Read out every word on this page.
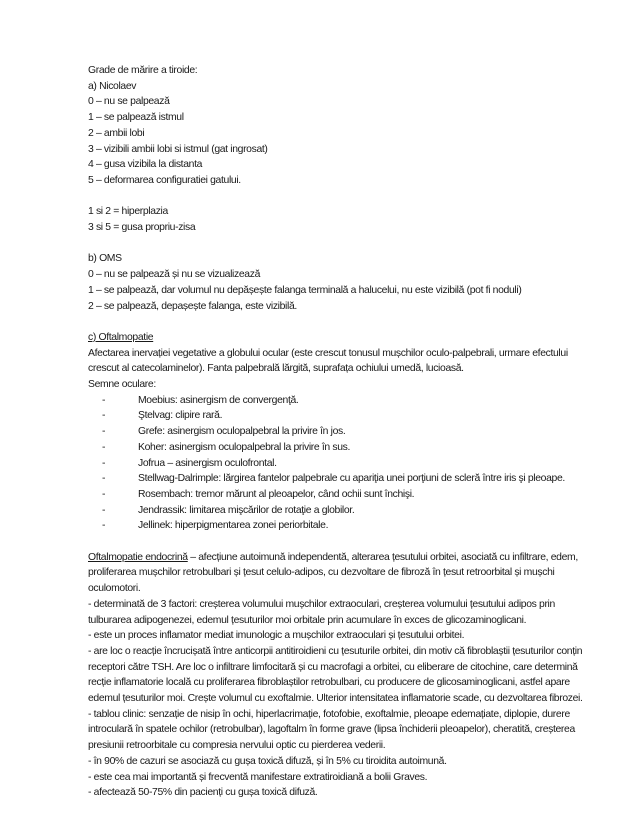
Grade de mărire a tiroide:
a) Nicolaev
0 – nu se palpează
1 – se palpează istmul
2 – ambii lobi
3 – vizibili ambii lobi si istmul (gat ingrosat)
4 – gusa vizibila la distanta
5 – deformarea configuratiei gatului.
1 si 2 = hiperplazia
3 si 5 = gusa propriu-zisa
b) OMS
0 – nu se palpează și nu se vizualizează
1 – se palpează, dar volumul nu depășește falanga terminală a halucelui, nu este vizibilă (pot fi noduli)
2 – se palpează, depașește falanga, este vizibilă.
c) Oftalmopatie
Afectarea inervației vegetative a globului ocular (este crescut tonusul mușchilor oculo-palpebrali, urmare efectului crescut al catecolaminelor). Fanta palpebrală lărgită, suprafața ochiului umedă, lucioasă.
Semne oculare:
-	Moebius: asinergism de convergenţă.
-	Ştelvag: clipire rară.
-	Grefe: asinergism oculopalpebral la privire în jos.
-	Koher: asinergism oculopalpebral la privire în sus.
-	Jofrua – asinergism oculofrontal.
-	Stellwag-Dalrimple: lărgirea fantelor palpebrale cu apariţia unei porţiuni de scleră între iris şi pleoape.
-	Rosembach: tremor mărunt al pleoapelor, când ochii sunt închişi.
-	Jendrassik: limitarea mişcărilor de rotaţie a globilor.
-	Jellinek: hiperpigmentarea zonei periorbitale.
Oftalmopatie endocrină – afecțiune autoimună independentă, alterarea țesutului orbitei, asociată cu infiltrare, edem, proliferarea mușchilor retrobulbari și țesut celulo-adipos, cu dezvoltare de fibroză în țesut retroorbital și mușchi oculomotori.
- determinată de 3 factori: creșterea volumului mușchilor extraoculari, creșterea volumului țesutului adipos prin tulburarea adipogenezei, edemul țesuturilor moi orbitale prin acumulare în exces de glicozaminoglicani.
- este un proces inflamator mediat imunologic a mușchilor extraoculari și țesutului orbitei.
- are loc o reacție încrucișată între anticorpii antitiroidieni cu țesuturile orbitei, din motiv că fibroblaștii țesuturilor conțin receptori către TSH. Are loc o infiltrare limfocitară și cu macrofagi a orbitei, cu eliberare de citochine, care determină recție inflamatorie locală cu proliferarea fibroblaștilor retrobulbari, cu producere de glicosaminoglicani, astfel apare edemul țesuturilor moi. Crește volumul cu exoftalmie. Ulterior intensitatea inflamatorie scade, cu dezvoltarea fibrozei.
- tablou clinic: senzație de nisip în ochi, hiperlacrimație, fotofobie, exoftalmie, pleoape edemațiate, diplopie, durere introculară în spatele ochilor (retrobulbar), lagoftalm în forme grave (lipsa închiderii pleoapelor), cheratită, creșterea presiunii retroorbitale cu compresia nervului optic cu pierderea vederii.
- în 90% de cazuri se asociază cu gușa toxică difuză, și în 5% cu tiroidita autoimună.
- este cea mai importantă și frecventă manifestare extratiroidiană a bolii Graves.
- afectează 50-75% din pacienți cu gușa toxică difuză.
